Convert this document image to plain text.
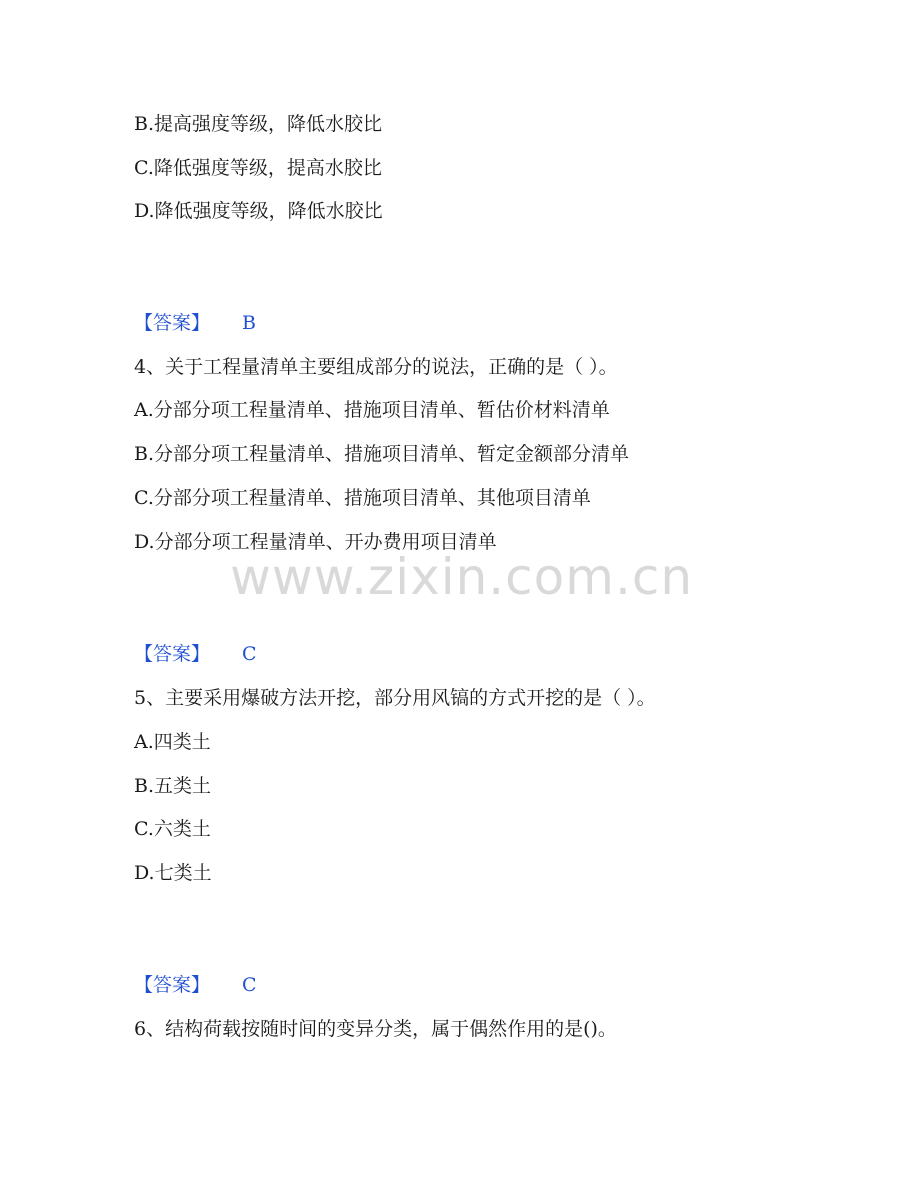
B.提高强度等级，降低水胶比
C.降低强度等级，提高水胶比
D.降低强度等级，降低水胶比
【答案】 B
4、关于工程量清单主要组成部分的说法，正确的是（ ）。
A.分部分项工程量清单、措施项目清单、暂估价材料清单
B.分部分项工程量清单、措施项目清单、暂定金额部分清单
C.分部分项工程量清单、措施项目清单、其他项目清单
D.分部分项工程量清单、开办费用项目清单
www.zixin.com.cn
【答案】 C
5、主要采用爆破方法开挖，部分用风镐的方式开挖的是（ ）。
A.四类土
B.五类土
C.六类土
D.七类土
【答案】 C
6、结构荷载按随时间的变异分类，属于偶然作用的是()。
